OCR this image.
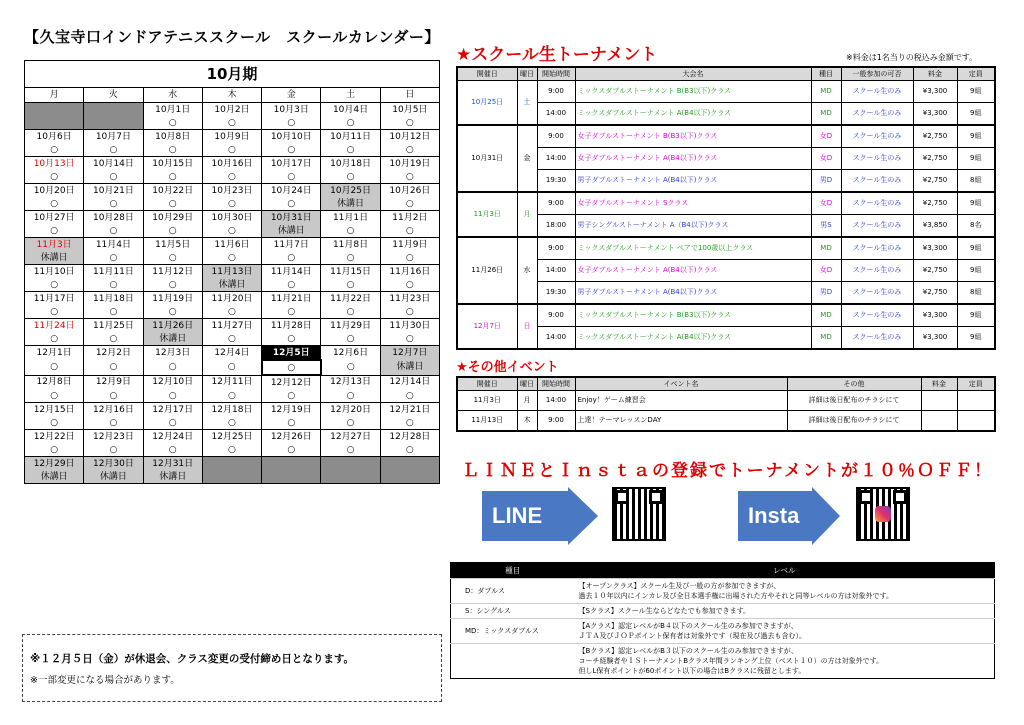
【久宝寺口インドアテニススクール　スクールカレンダー】
10月期						
月	火	水	木	金	土	日
		10月1日	10月2日	10月3日	10月4日	10月5日
		○	○	○	○	○
10月6日	10月7日	10月8日	10月9日	10月10日	10月11日	10月12日
○	○	○	○	○	○	○
10月13日	10月14日	10月15日	10月16日	10月17日	10月18日	10月19日
○	○	○	○	○	○	○
10月20日	10月21日	10月22日	10月23日	10月24日	10月25日	10月26日
○	○	○	○	○	休講日	○
10月27日	10月28日	10月29日	10月30日	10月31日	11月1日	11月2日
○	○	○	○	休講日	○	○
11月3日	11月4日	11月5日	11月6日	11月7日	11月8日	11月9日
休講日	○	○	○	○	○	○
11月10日	11月11日	11月12日	11月13日	11月14日	11月15日	11月16日
○	○	○	休講日	○	○	○
11月17日	11月18日	11月19日	11月20日	11月21日	11月22日	11月23日
○	○	○	○	○	○	○
11月24日	11月25日	11月26日	11月27日	11月28日	11月29日	11月30日
○	○	休講日	○	○	○	○
12月1日	12月2日	12月3日	12月4日	12月5日	12月6日	12月7日
○	○	○	○	○	○	休講日
12月8日	12月9日	12月10日	12月11日	12月12日	12月13日	12月14日
○	○	○	○	○	○	○
12月15日	12月16日	12月17日	12月18日	12月19日	12月20日	12月21日
○	○	○	○	○	○	○
12月22日	12月23日	12月24日	12月25日	12月26日	12月27日	12月28日
○	○	○	○	○	○	○
12月29日	12月30日	12月31日				
休講日	休講日	休講日				
※１２月５日（金）が休退会、クラス変更の受付締め日となります。
※一部変更になる場合があります。
★スクール生トーナメント	※料金は1名当りの税込み金額です。
開催日	曜日	開始時間	大会名	種目	一般参加の可否	料金	定員
10月25日	土	9:00	ミックスダブルストーナメント B(B3以下)クラス	MD	スクール生のみ	¥3,300	9組
		14:00	ミックスダブルストーナメント A(B4以下)クラス	MD	スクール生のみ	¥3,300	9組
10月31日	金	9:00	女子ダブルストーナメント B(B3以下)クラス	女D	スクール生のみ	¥2,750	9組
		14:00	女子ダブルストーナメント A(B4以下)クラス	女D	スクール生のみ	¥2,750	9組
		19:30	男子ダブルストーナメント A(B4以下)クラス	男D	スクール生のみ	¥2,750	8組
11月3日	月	9:00	女子ダブルストーナメント Sクラス	女D	スクール生のみ	¥2,750	9組
		18:00	男子シングルストーナメント A（B4以下)クラス	男S	スクール生のみ	¥3,850	8名
11月26日	水	9:00	ミックスダブルストーナメント ペアで100歳以上クラス	MD	スクール生のみ	¥3,300	9組
		14:00	女子ダブルストーナメント A(B4以下)クラス	女D	スクール生のみ	¥2,750	9組
		19:30	男子ダブルストーナメント A(B4以下)クラス	男D	スクール生のみ	¥2,750	8組
12月7日	日	9:00	ミックスダブルストーナメント B(B3以下)クラス	MD	スクール生のみ	¥3,300	9組
		14:00	ミックスダブルストーナメント A(B4以下)クラス	MD	スクール生のみ	¥3,300	9組
★その他イベント
開催日	曜日	開始時間	イベント名	その他	料金	定員
11月3日	月	14:00	Enjoy！ゲーム練習会	詳細は後日配布のチラシにて		
11月13日	木	9:00	上達！テーマレッスンDAY	詳細は後日配布のチラシにて		
ＬＩＮＥとＩｎｓｔａの登録でトーナメントが１０％ＯＦＦ！
LINE	Insta
種目	レベル
D：ダブルス	【オープンクラス】スクール生及び一般の方が参加できますが、
過去１０年以内にインカレ及び全日本選手権に出場された方やそれと同等レベルの方は対象外です。

S：シングルス	【Sクラス】スクール生ならどなたでも参加できます。

MD：ミックスダブルス	【Aクラス】認定レベルがB４以下のスクール生のみ参加できますが、
ＪＴＡ及びＪＯＰポイント保有者は対象外です（現在及び過去も含む）。

	【Bクラス】認定レベルがB３以下のスクール生のみ参加できますが、
コーチ経験者やＩＳトーナメントBクラス年間ランキング上位（ベスト１０）の方は対象外です。
但しL保有ポイントが60ポイント以下の場合はBクラスに残留とします。
